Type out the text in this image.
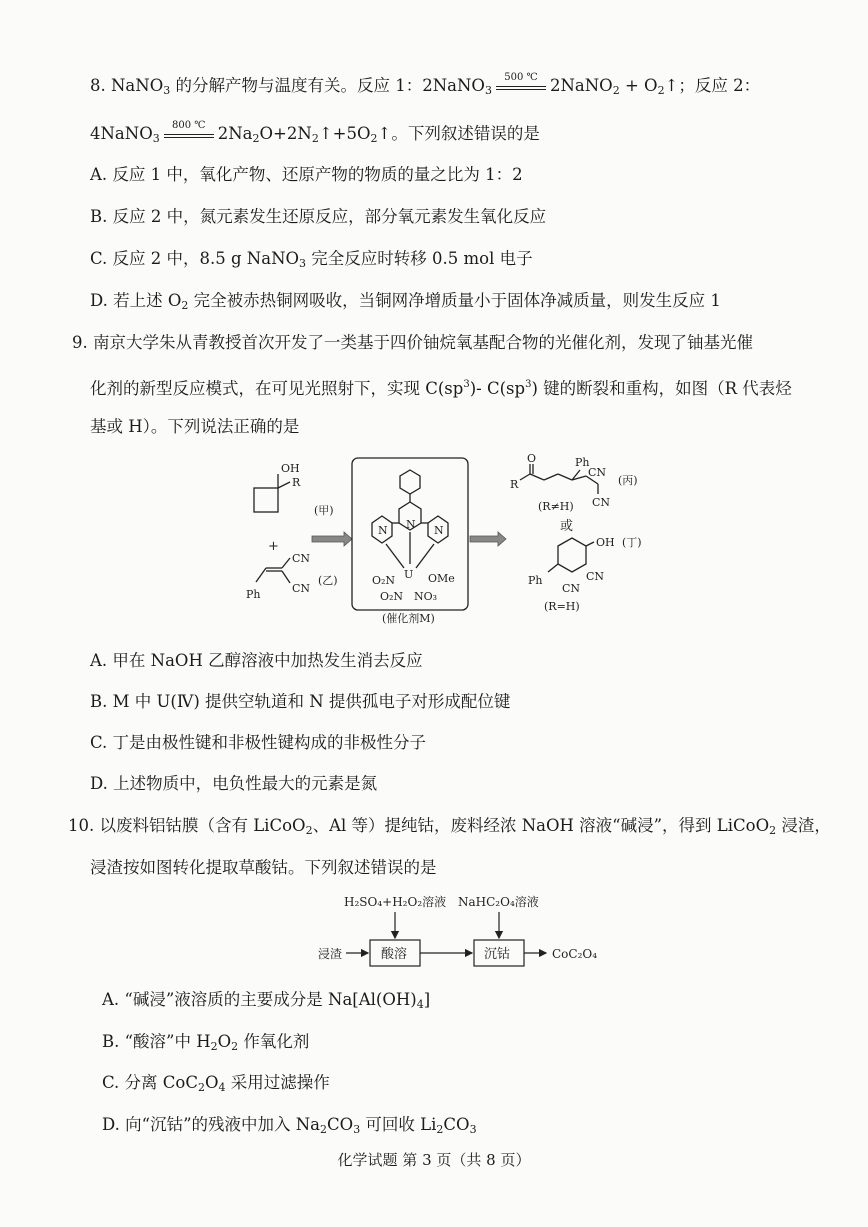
8. NaNO$_3$ 的分解产物与温度有关。反应 1：2NaNO$_3$
500 ℃ 2NaNO$_2$ + $O_2↑$；反应 2：
4NaNO$_3$
800 ℃ $2Na_2O+2N_2↑+5O_2↑$。下列叙述错误的是
A. 反应 1 中，氧化产物、还原产物的物质的量之比为 1：2
B. 反应 2 中，氮元素发生还原反应，部分氧元素发生氧化反应
C. 反应 2 中，8.5 g NaNO$_3$ 完全反应时转移 0.5 mol 电子
D. 若上述 $O_2$ 完全被赤热铜网吸收，当铜网净增质量小于固体净减质量，则发生反应 1
9. 南京大学朱从青教授首次开发了一类基于四价铀烷氧基配合物的光催化剂，发现了铀基光催
化剂的新型反应模式，在可见光照射下，实现 $C(sp^3)-$ $C(sp^3)$ 键的断裂和重构，如图（R 代表烃
基或 H）。下列说法正确的是
OH
R
(甲)
+
CN
CN
Ph
(乙)
N N N
U OMe
O₂N
O₂N NO₃
(催化剂M)
O
R
Ph
CN
CN
(丙)
(R≠H)
或
OH (丁)
CN
CN
Ph
(R=H)
A. 甲在 NaOH 乙醇溶液中加热发生消去反应
B. M 中 U(Ⅳ) 提供空轨道和 N 提供孤电子对形成配位键
C. 丁是由极性键和非极性键构成的非极性分子
D. 上述物质中，电负性最大的元素是氮
10. 以废料铝钴膜（含有 LiCoO$_2$、Al 等）提纯钴，废料经浓 NaOH 溶液“碱浸”，得到 LiCoO$_2$ 浸渣，
浸渣按如图转化提取草酸钴。下列叙述错误的是
H₂SO₄+H₂O₂溶液 NaHC₂O₄溶液
浸渣	酸溶	沉钴	CoC₂O₄
A. “碱浸”液溶质的主要成分是 $Na[Al(OH)_4]$
B. “酸溶”中 $H_2O_2$ 作氧化剂
C. 分离 $CoC_2O_4$ 采用过滤操作
D. 向“沉钴”的残液中加入 $Na_2CO_3$ 可回收 $Li_2CO_3$
化学试题 第 3 页（共 8 页）
